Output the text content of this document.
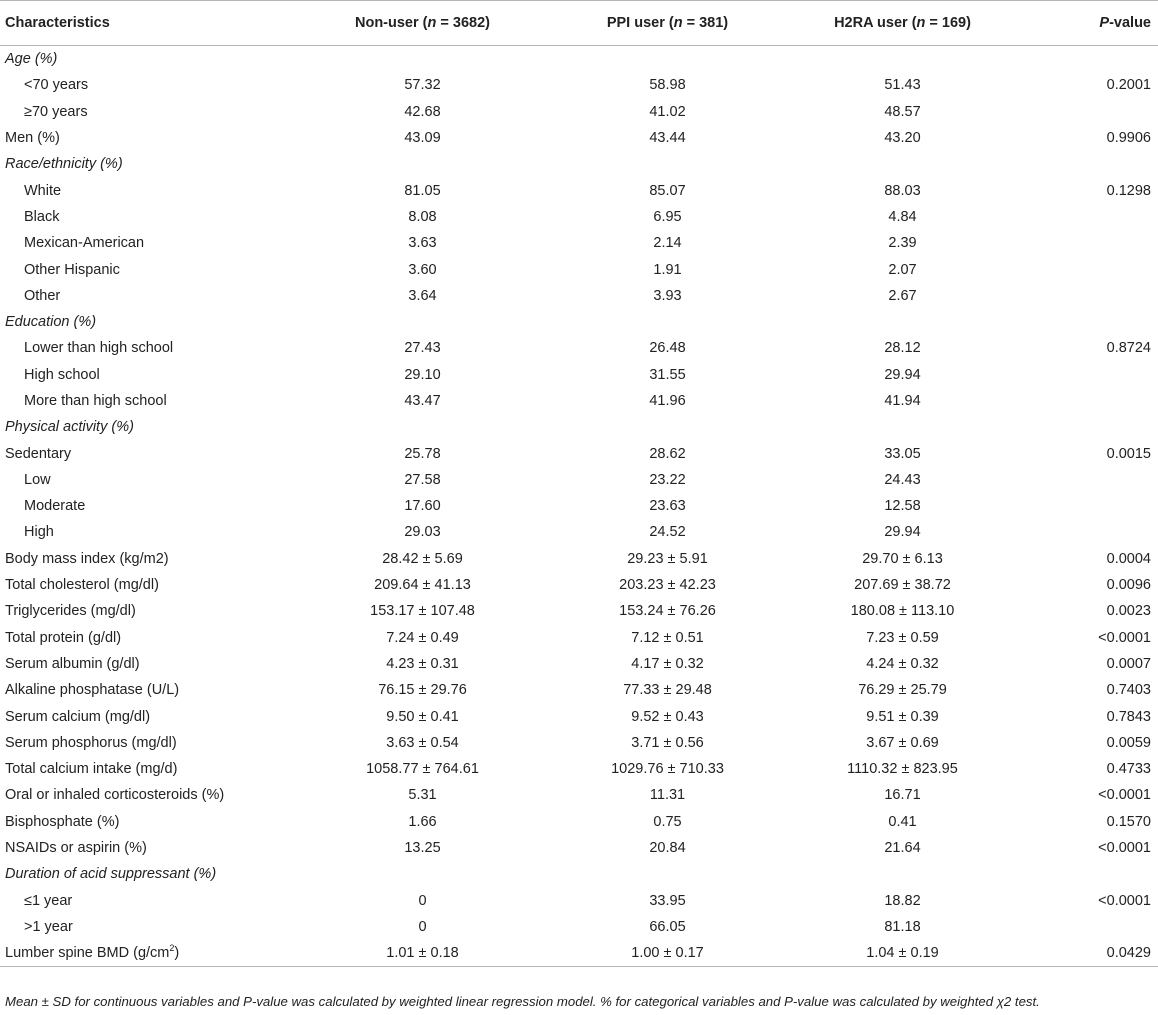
Characteristics	Non-user (n = 3682)	PPI user (n = 381)	H2RA user (n = 169)	P-value
Age (%)				
<70 years	57.32	58.98	51.43	0.2001
≥70 years	42.68	41.02	48.57	
Men (%)	43.09	43.44	43.20	0.9906
Race/ethnicity (%)				
White	81.05	85.07	88.03	0.1298
Black	8.08	6.95	4.84	
Mexican-American	3.63	2.14	2.39	
Other Hispanic	3.60	1.91	2.07	
Other	3.64	3.93	2.67	
Education (%)				
Lower than high school	27.43	26.48	28.12	0.8724
High school	29.10	31.55	29.94	
More than high school	43.47	41.96	41.94	
Physical activity (%)				
Sedentary	25.78	28.62	33.05	0.0015
Low	27.58	23.22	24.43	
Moderate	17.60	23.63	12.58	
High	29.03	24.52	29.94	
Body mass index (kg/m2)	28.42 ± 5.69	29.23 ± 5.91	29.70 ± 6.13	0.0004
Total cholesterol (mg/dl)	209.64 ± 41.13	203.23 ± 42.23	207.69 ± 38.72	0.0096
Triglycerides (mg/dl)	153.17 ± 107.48	153.24 ± 76.26	180.08 ± 113.10	0.0023
Total protein (g/dl)	7.24 ± 0.49	7.12 ± 0.51	7.23 ± 0.59	<0.0001
Serum albumin (g/dl)	4.23 ± 0.31	4.17 ± 0.32	4.24 ± 0.32	0.0007
Alkaline phosphatase (U/L)	76.15 ± 29.76	77.33 ± 29.48	76.29 ± 25.79	0.7403
Serum calcium (mg/dl)	9.50 ± 0.41	9.52 ± 0.43	9.51 ± 0.39	0.7843
Serum phosphorus (mg/dl)	3.63 ± 0.54	3.71 ± 0.56	3.67 ± 0.69	0.0059
Total calcium intake (mg/d)	1058.77 ± 764.61	1029.76 ± 710.33	1110.32 ± 823.95	0.4733
Oral or inhaled corticosteroids (%)	5.31	11.31	16.71	<0.0001
Bisphosphate (%)	1.66	0.75	0.41	0.1570
NSAIDs or aspirin (%)	13.25	20.84	21.64	<0.0001
Duration of acid suppressant (%)				
≤1 year	0	33.95	18.82	<0.0001
>1 year	0	66.05	81.18	
Lumber spine BMD $(g/cm^2)$	1.01 ± 0.18	1.00 ± 0.17	1.04 ± 0.19	0.0429
Mean ± SD for continuous variables and P-value was calculated by weighted linear regression model. % for categorical variables and P-value was calculated by weighted χ2 test.
